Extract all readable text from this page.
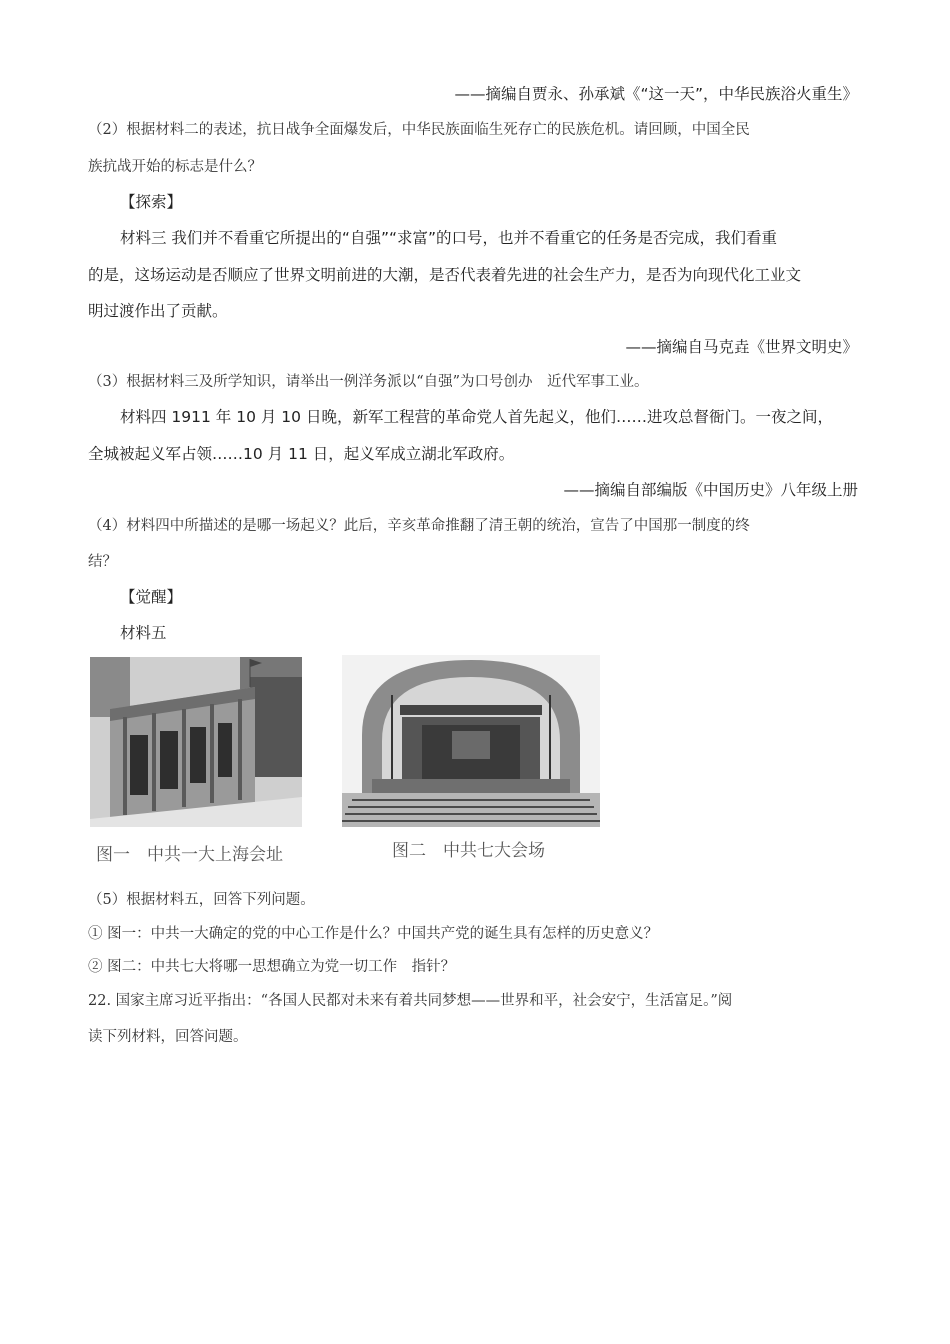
——摘编自贾永、孙承斌《“这一天”，中华民族浴火重生》
（2）根据材料二的表述，抗日战争全面爆发后，中华民族面临生死存亡的民族危机。请回顾，中国全民
族抗战开始的标志是什么？
【探索】
材料三 我们并不看重它所提出的“自强”“求富”的口号，也并不看重它的任务是否完成，我们看重
的是，这场运动是否顺应了世界文明前进的大潮，是否代表着先进的社会生产力，是否为向现代化工业文
明过渡作出了贡献。
——摘编自马克垚《世界文明史》
（3）根据材料三及所学知识，请举出一例洋务派以“自强”为口号创办　近代军事工业。
材料四 1911 年 10 月 10 日晚，新军工程营的革命党人首先起义，他们……进攻总督衙门。一夜之间，
全城被起义军占领……10 月 11 日，起义军成立湖北军政府。
——摘编自部编版《中国历史》八年级上册
（4）材料四中所描述的是哪一场起义？此后，辛亥革命推翻了清王朝的统治，宣告了中国那一制度的终
结？
【觉醒】
材料五
图一　中共一大上海会址	图二　中共七大会场
（5）根据材料五，回答下列问题。
① 图一：中共一大确定的党的中心工作是什么？中国共产党的诞生具有怎样的历史意义？
② 图二：中共七大将哪一思想确立为党一切工作　指针？
22. 国家主席习近平指出：“各国人民都对未来有着共同梦想——世界和平，社会安宁，生活富足。”阅
读下列材料，回答问题。
